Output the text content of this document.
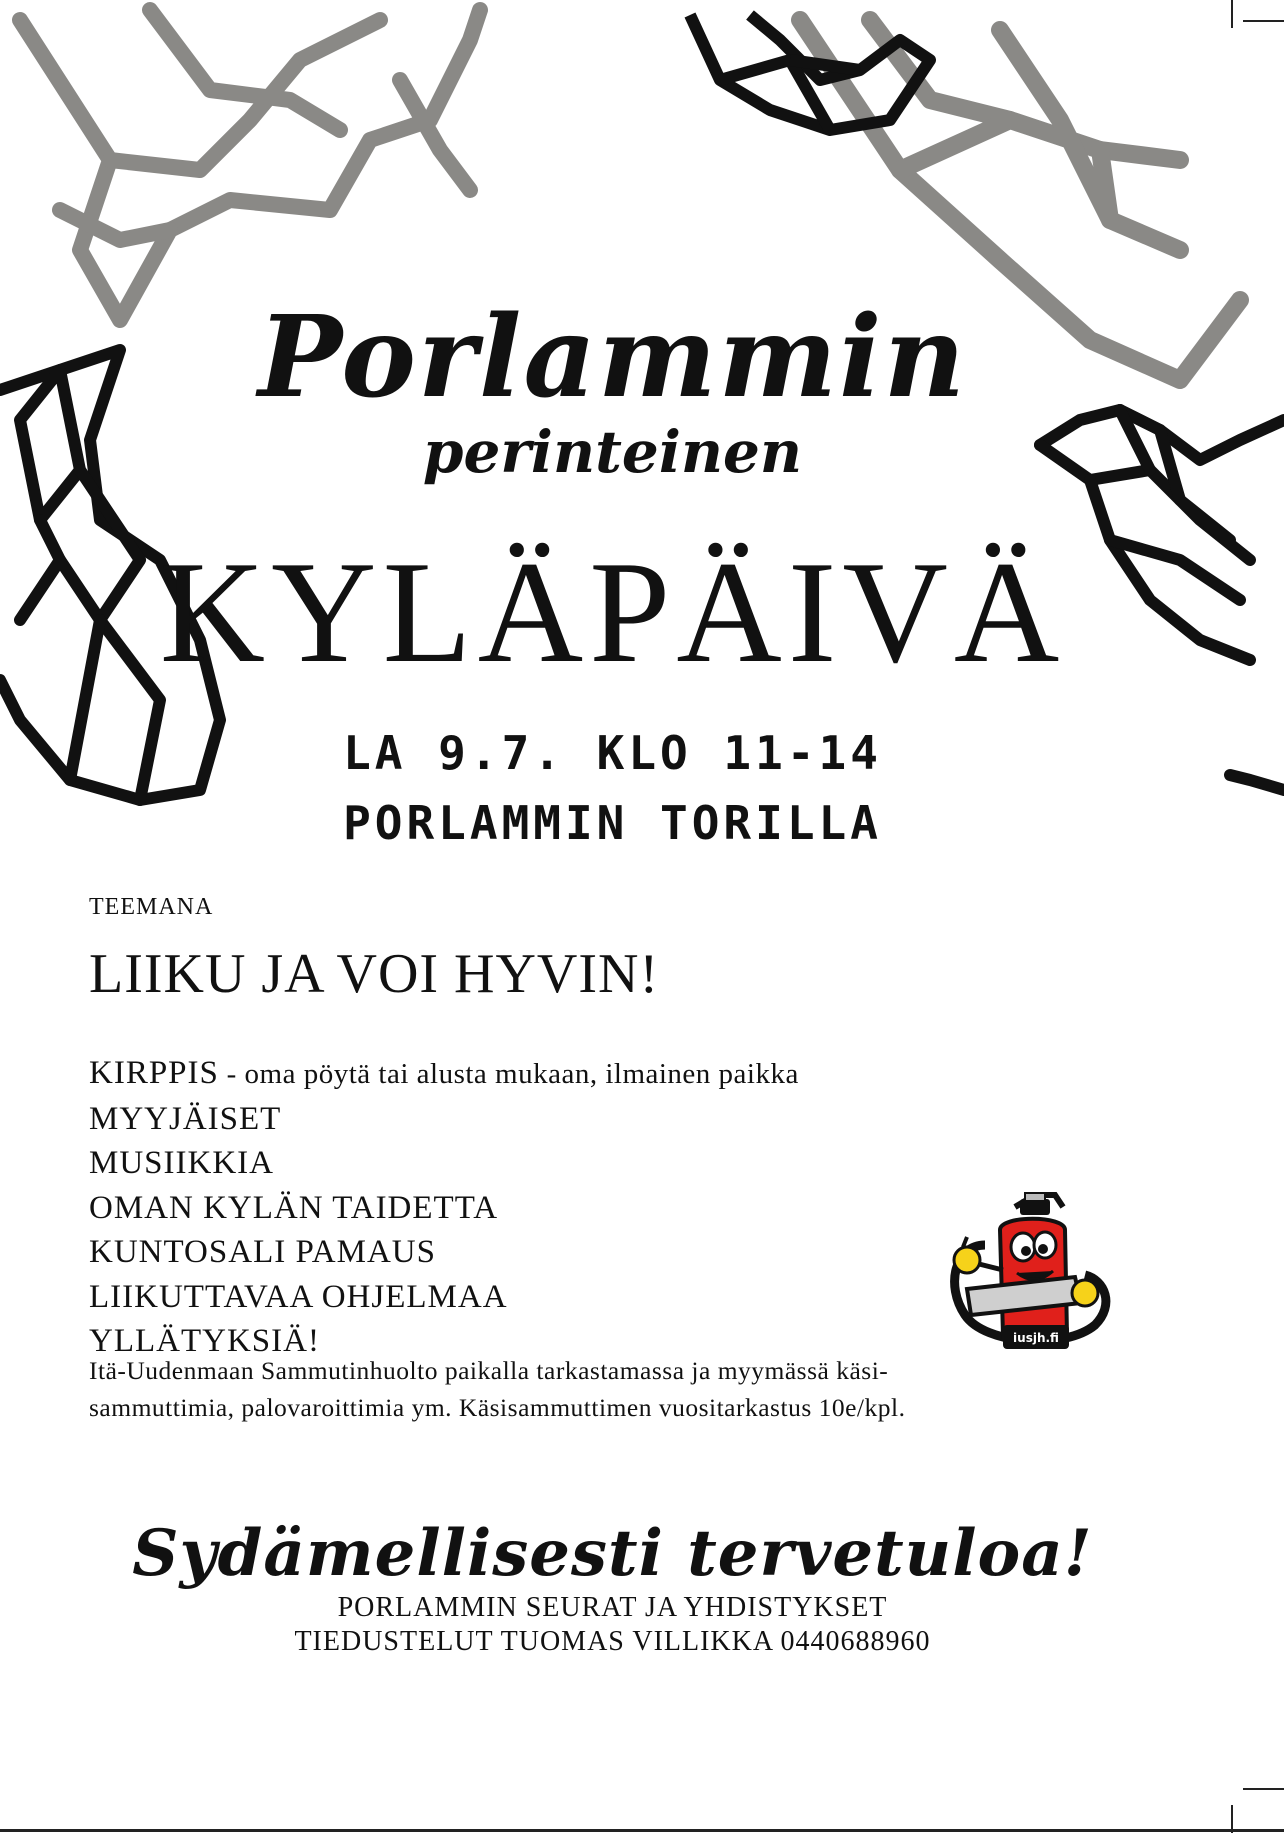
Porlammin
perinteinen
KYLÄPÄIVÄ
LA 9.7. KLO 11-14
PORLAMMIN TORILLA
TEEMANA
LIIKU JA VOI HYVIN!
KIRPPIS - oma pöytä tai alusta mukaan, ilmainen paikka
MYYJÄISET
MUSIIKKIA
OMAN KYLÄN TAIDETTA
KUNTOSALI PAMAUS
LIIKUTTAVAA OHJELMAA
YLLÄTYKSIÄ!

Itä-Uudenmaan Sammutinhuolto paikalla tarkastamassa ja myymässä käsi-
sammuttimia, palovaroittimia ym. Käsisammuttimen vuositarkastus 10e/kpl.

iusjh.fi
Sydämellisesti tervetuloa!
PORLAMMIN SEURAT JA YHDISTYKSET
TIEDUSTELUT TUOMAS VILLIKKA 0440688960
